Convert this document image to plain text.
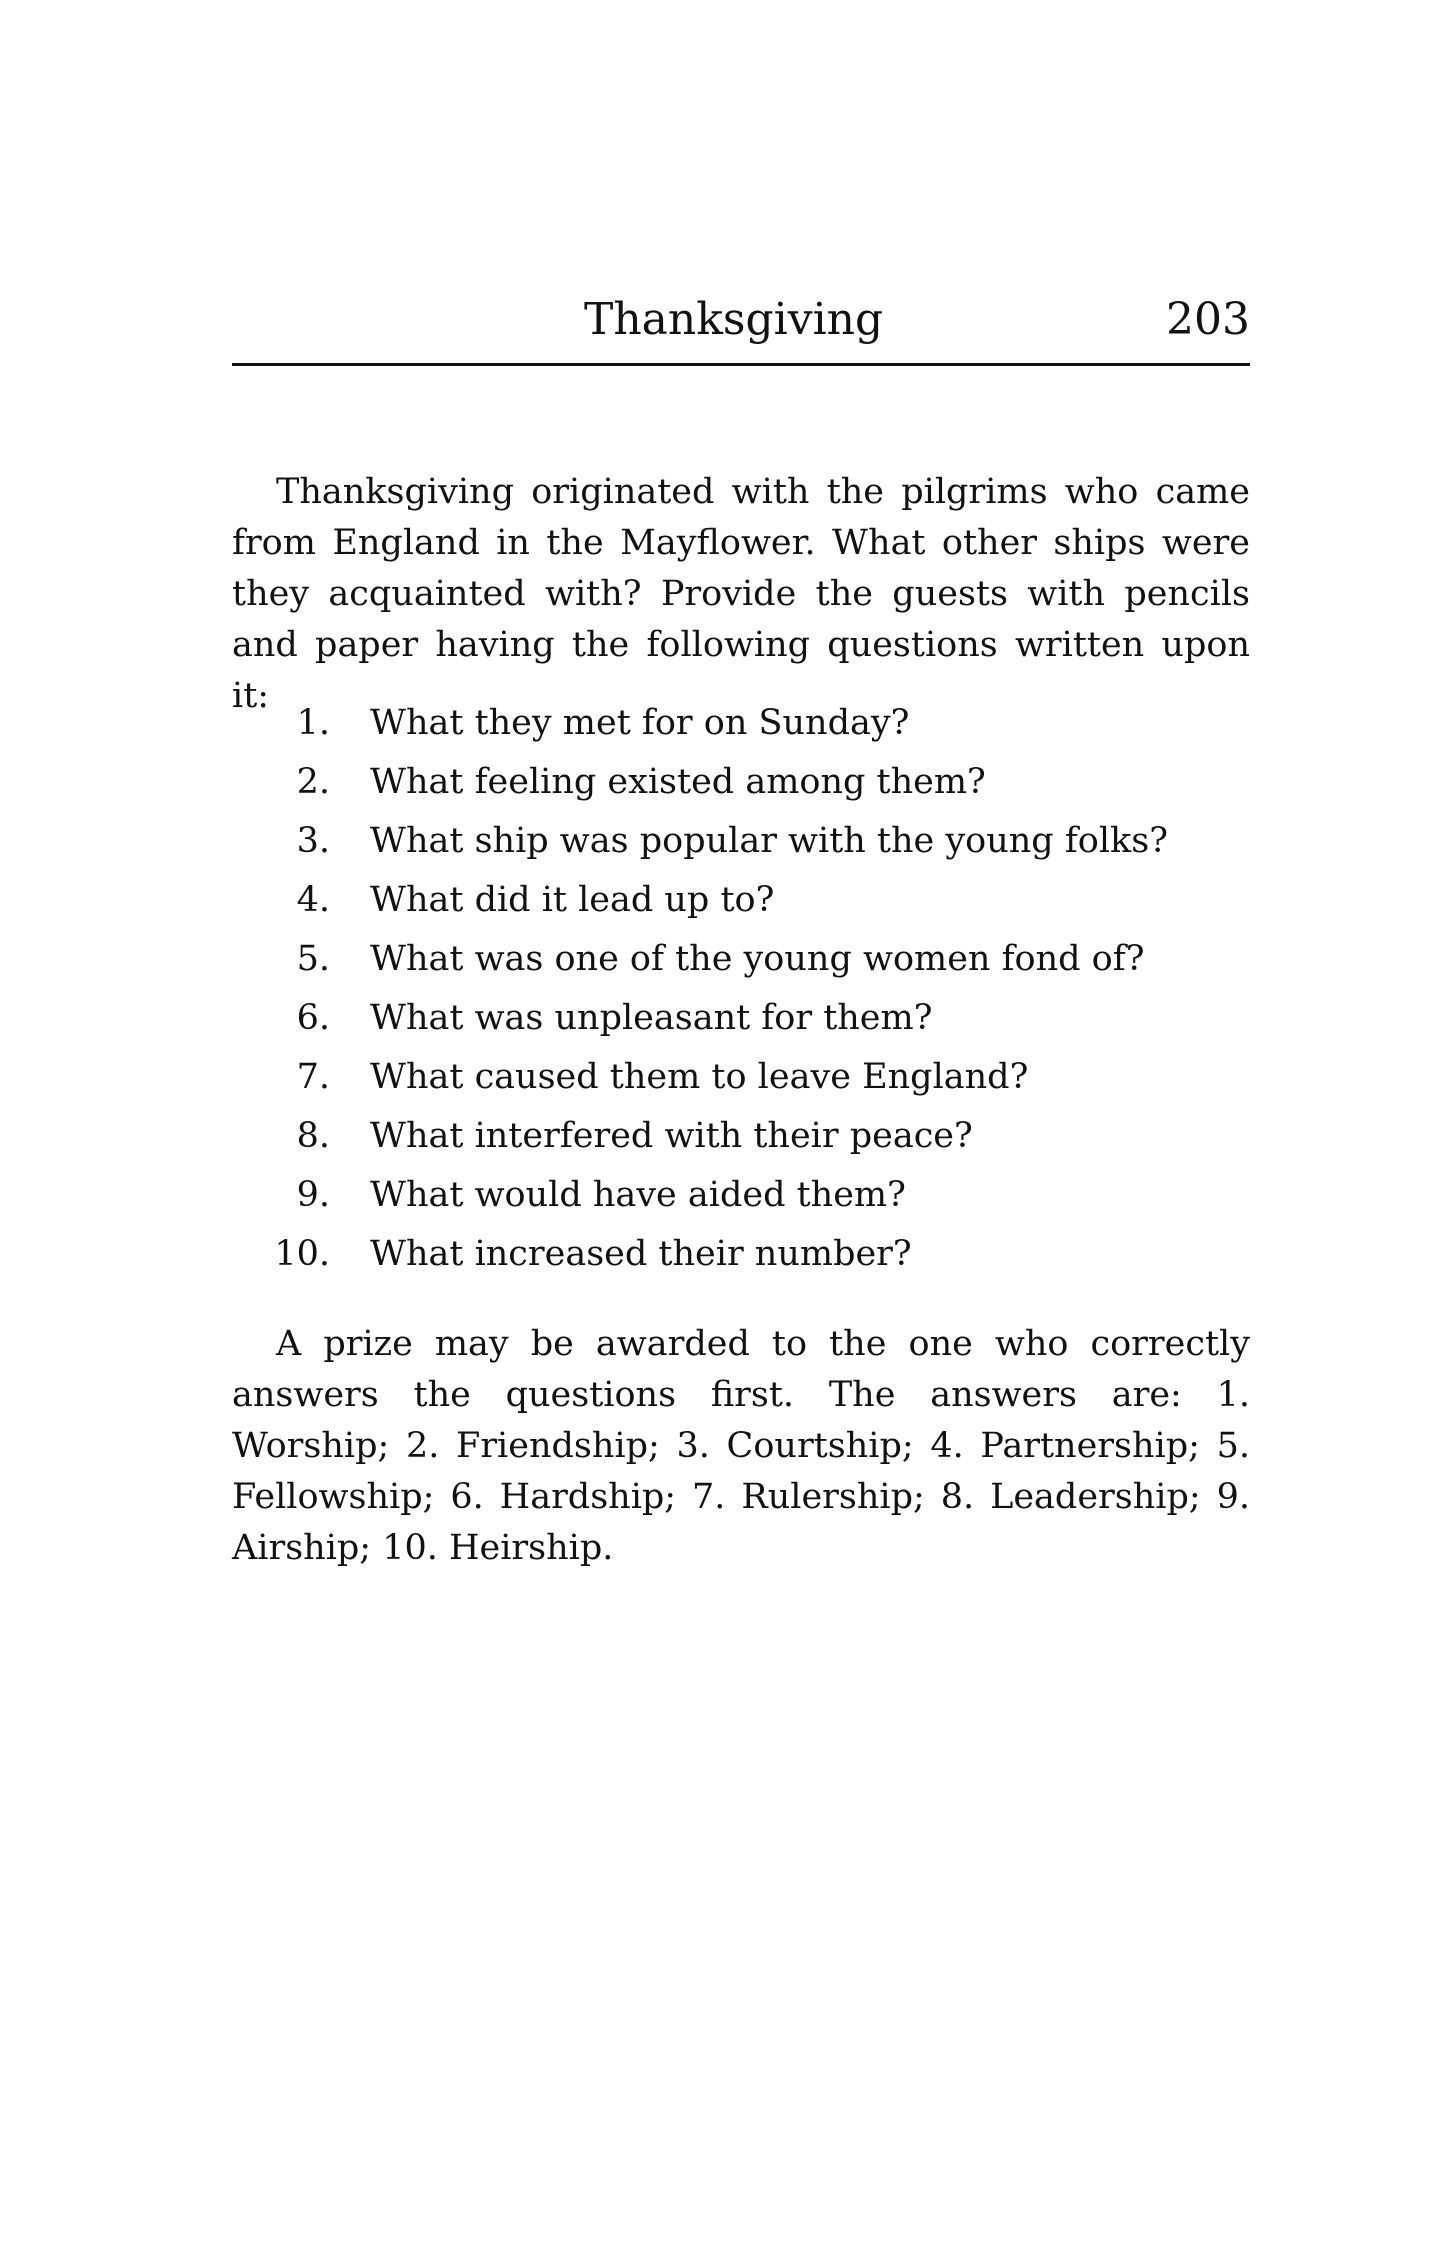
Thanksgiving	203

Thanksgiving originated with the pilgrims who came from England in the Mayflower. What other ships were they acquainted with? Provide the guests with pencils and paper having the following questions written upon it:

1. What they met for on Sunday?
2. What feeling existed among them?
3. What ship was popular with the young folks?
4. What did it lead up to?
5. What was one of the young women fond of?
6. What was unpleasant for them?
7. What caused them to leave England?
8. What interfered with their peace?
9. What would have aided them?
10. What increased their number?

A prize may be awarded to the one who correctly answers the questions first. The answers are: 1. Worship; 2. Friendship; 3. Courtship; 4. Partnership; 5. Fellowship; 6. Hardship; 7. Rulership; 8. Leadership; 9. Airship; 10. Heirship.
